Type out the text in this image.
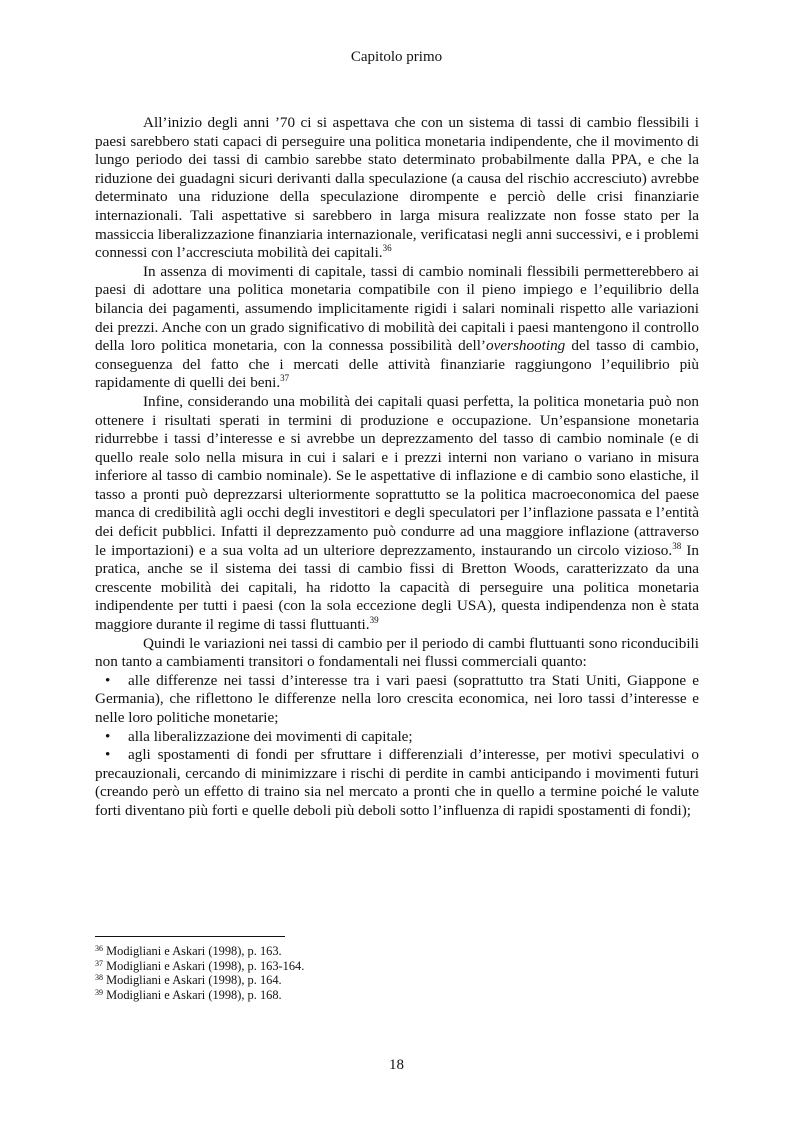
Capitolo primo

All’inizio degli anni ’70 ci si aspettava che con un sistema di tassi di cambio flessibili i paesi sarebbero stati capaci di perseguire una politica monetaria indipendente, che il movimento di lungo periodo dei tassi di cambio sarebbe stato determinato probabilmente dalla PPA, e che la riduzione dei guadagni sicuri derivanti dalla speculazione (a causa del rischio accresciuto) avrebbe determinato una riduzione della speculazione dirompente e perciò delle crisi finanziarie internazionali. Tali aspettative si sarebbero in larga misura realizzate non fosse stato per la massiccia liberalizzazione finanziaria internazionale, verificatasi negli anni successivi, e i problemi connessi con l’accresciuta mobilità dei capitali.$^{36}$

In assenza di movimenti di capitale, tassi di cambio nominali flessibili permetterebbero ai paesi di adottare una politica monetaria compatibile con il pieno impiego e l’equilibrio della bilancia dei pagamenti, assumendo implicitamente rigidi i salari nominali rispetto alle variazioni dei prezzi. Anche con un grado significativo di mobilità dei capitali i paesi mantengono il controllo della loro politica monetaria, con la connessa possibilità dell’overshooting del tasso di cambio, conseguenza del fatto che i mercati delle attività finanziarie raggiungono l’equilibrio più rapidamente di quelli dei beni.$^{37}$

Infine, considerando una mobilità dei capitali quasi perfetta, la politica monetaria può non ottenere i risultati sperati in termini di produzione e occupazione. Un’espansione monetaria ridurrebbe i tassi d’interesse e si avrebbe un deprezzamento del tasso di cambio nominale (e di quello reale solo nella misura in cui i salari e i prezzi interni non variano o variano in misura inferiore al tasso di cambio nominale). Se le aspettative di inflazione e di cambio sono elastiche, il tasso a pronti può deprezzarsi ulteriormente soprattutto se la politica macroeconomica del paese manca di credibilità agli occhi degli investitori e degli speculatori per l’inflazione passata e l’entità dei deficit pubblici. Infatti il deprezzamento può condurre ad una maggiore inflazione (attraverso le importazioni) e a sua volta ad un ulteriore deprezzamento, instaurando un circolo vizioso.$^{38}$ In pratica, anche se il sistema dei tassi di cambio fissi di Bretton Woods, caratterizzato da una crescente mobilità dei capitali, ha ridotto la capacità di perseguire una politica monetaria indipendente per tutti i paesi (con la sola eccezione degli USA), questa indipendenza non è stata maggiore durante il regime di tassi fluttuanti.$^{39}$

Quindi le variazioni nei tassi di cambio per il periodo di cambi fluttuanti sono riconducibili non tanto a cambiamenti transitori o fondamentali nei flussi commerciali quanto:

•alle differenze nei tassi d’interesse tra i vari paesi (soprattutto tra Stati Uniti, Giappone e Germania), che riflettono le differenze nella loro crescita economica, nei loro tassi d’interesse e nelle loro politiche monetarie;
•alla liberalizzazione dei movimenti di capitale;
•agli spostamenti di fondi per sfruttare i differenziali d’interesse, per motivi speculativi o precauzionali, cercando di minimizzare i rischi di perdite in cambi anticipando i movimenti futuri (creando però un effetto di traino sia nel mercato a pronti che in quello a termine poiché le valute forti diventano più forti e quelle deboli più deboli sotto l’influenza di rapidi spostamenti di fondi);
$^{36}$ Modigliani e Askari (1998), p. 163.
$^{37}$ Modigliani e Askari (1998), p. 163-164.
$^{38}$ Modigliani e Askari (1998), p. 164.
$^{39}$ Modigliani e Askari (1998), p. 168.
18
